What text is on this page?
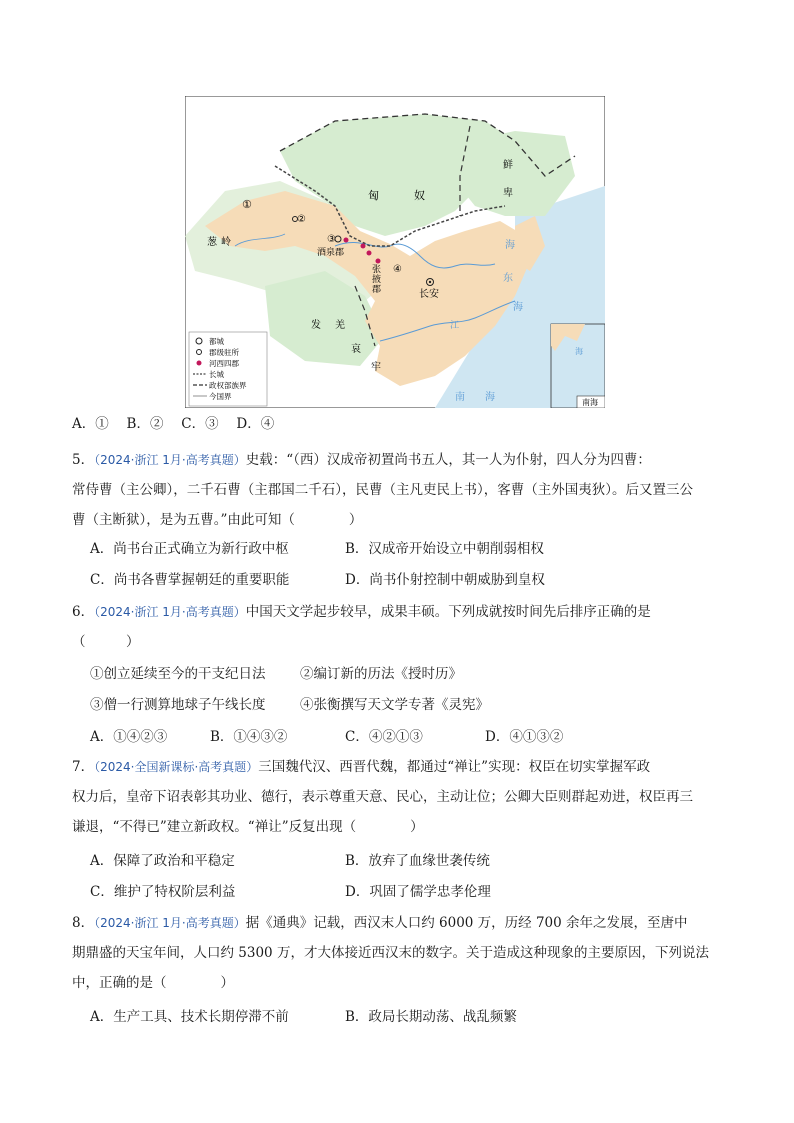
匈	奴
鲜
卑
葱 岭
酒泉郡
张
掖
郡	长安
发 羌
哀
牢
江
海
东
海
南 海
①
②
③
④
都城
郡级驻所
河西四郡
长城
政权部族界
今国界
海
南海
A．①　 B．②　 C．③　 D．④
5．（2024·浙江 1月·高考真题）史载：“（西）汉成帝初置尚书五人，其一人为仆射，四人分为四曹：
常侍曹（主公卿），二千石曹（主郡国二千石），民曹（主凡吏民上书），客曹（主外国夷狄）。后又置三公
曹（主断狱），是为五曹。”由此可知（　　　　）
A．尚书台正式确立为新行政中枢	B．汉成帝开始设立中朝削弱相权
C．尚书各曹掌握朝廷的重要职能	D．尚书仆射控制中朝威胁到皇权
6．（2024·浙江 1月·高考真题）中国天文学起步较早，成果丰硕。下列成就按时间先后排序正确的是
（　　　）
①创立延续至今的干支纪日法	②编订新的历法《授时历》
③僧一行测算地球子午线长度	④张衡撰写天文学专著《灵宪》
A．①④②③	B．①④③②	C．④②①③	D．④①③②
7．（2024·全国新课标·高考真题）三国魏代汉、西晋代魏，都通过“禅让”实现：权臣在切实掌握军政
权力后，皇帝下诏表彰其功业、德行，表示尊重天意、民心，主动让位；公卿大臣则群起劝进，权臣再三
谦退，“不得已”建立新政权。“禅让”反复出现（　　　　）
A．保障了政治和平稳定	B．放弃了血缘世袭传统
C．维护了特权阶层利益	D．巩固了儒学忠孝伦理
8．（2024·浙江 1月·高考真题）据《通典》记载，西汉末人口约 6000 万，历经 700 余年之发展，至唐中
期鼎盛的天宝年间，人口约 5300 万，才大体接近西汉末的数字。关于造成这种现象的主要原因，下列说法
中，正确的是（　　　　）
A．生产工具、技术长期停滞不前	B．政局长期动荡、战乱频繁
